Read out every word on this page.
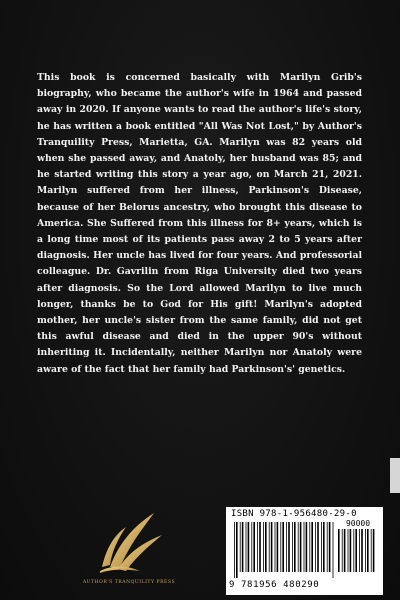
This book is concerned basically with Marilyn Grib's biography, who became the author's wife in 1964 and passed away in 2020. If anyone wants to read the author's life's story, he has written a book entitled "All Was Not Lost," by Author's Tranquility Press, Marietta, GA. Marilyn was 82 years old when she passed away, and Anatoly, her husband was 85; and he started writing this story a year ago, on March 21, 2021. Marilyn suffered from her illness, Parkinson's Disease, because of her Belorus ancestry, who brought this disease to America. She Suffered from this illness for 8+ years, which is a long time most of its patients pass away 2 to 5 years after diagnosis. Her uncle has lived for four years. And professorial colleague. Dr. Gavrilin from Riga University died two years after diagnosis. So the Lord allowed Marilyn to live much longer, thanks be to God for His gift! Marilyn's adopted mother, her uncle's sister from the same family, did not get this awful disease and died in the upper 90's without inheriting it. Incidentally, neither Marilyn nor Anatoly were aware of the fact that her family had Parkinson's' genetics.

AUTHOR'S TRANQUILITY PRESS
ISBN 978-1-956480-29-0
90000
9 781956 480290
